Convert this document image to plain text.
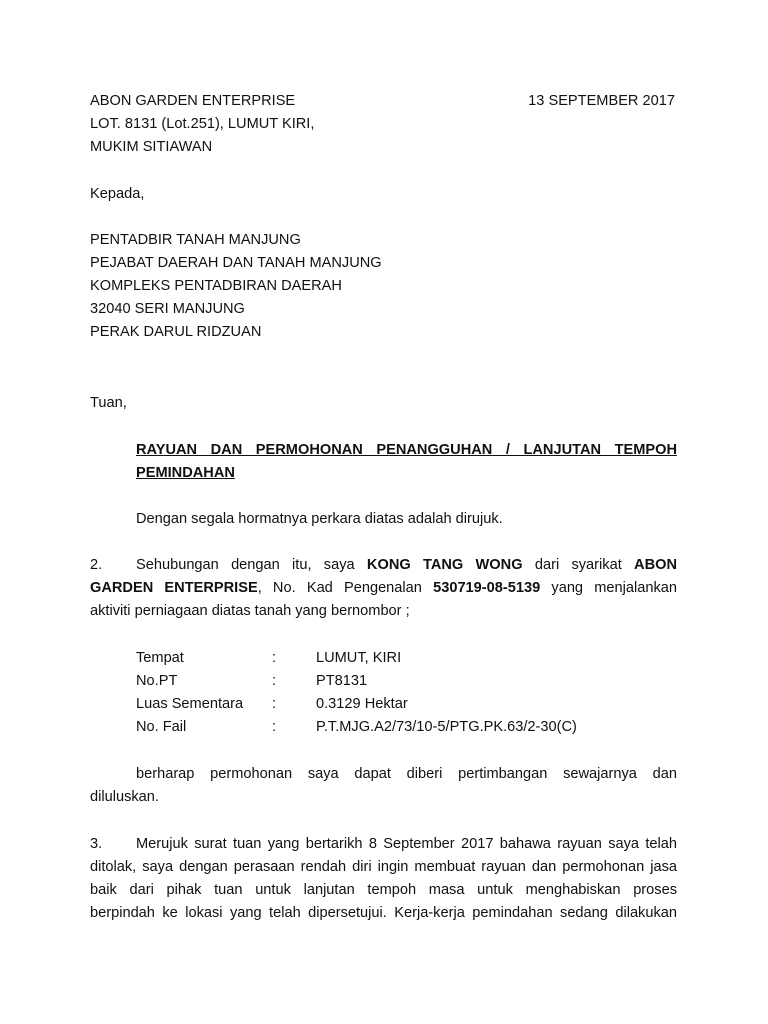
ABON GARDEN ENTERPRISE	13 SEPTEMBER 2017
LOT. 8131 (Lot.251), LUMUT KIRI,
MUKIM SITIAWAN
Kepada,
PENTADBIR TANAH MANJUNG
PEJABAT DAERAH DAN TANAH MANJUNG
KOMPLEKS PENTADBIRAN DAERAH
32040 SERI MANJUNG
PERAK DARUL RIDZUAN
Tuan,
RAYUAN DAN PERMOHONAN PENANGGUHAN / LANJUTAN TEMPOH
PEMINDAHAN
Dengan segala hormatnya perkara diatas adalah dirujuk.
2. Sehubungan dengan itu, saya KONG TANG WONG dari syarikat ABON
GARDEN ENTERPRISE, No. Kad Pengenalan 530719-08-5139 yang menjalankan
aktiviti perniagaan diatas tanah yang bernombor ;
Tempat	:	LUMUT, KIRI
No.PT	:	PT8131
Luas Sementara :	0.3129 Hektar
No. Fail	:	P.T.MJG.A2/73/10-5/PTG.PK.63/2-30(C)
berharap permohonan saya dapat diberi pertimbangan sewajarnya dan
diluluskan.
3. Merujuk surat tuan yang bertarikh 8 September 2017 bahawa rayuan saya telah
ditolak, saya dengan perasaan rendah diri ingin membuat rayuan dan permohonan jasa
baik dari pihak tuan untuk lanjutan tempoh masa untuk menghabiskan proses
berpindah ke lokasi yang telah dipersetujui. Kerja-kerja pemindahan sedang dilakukan
